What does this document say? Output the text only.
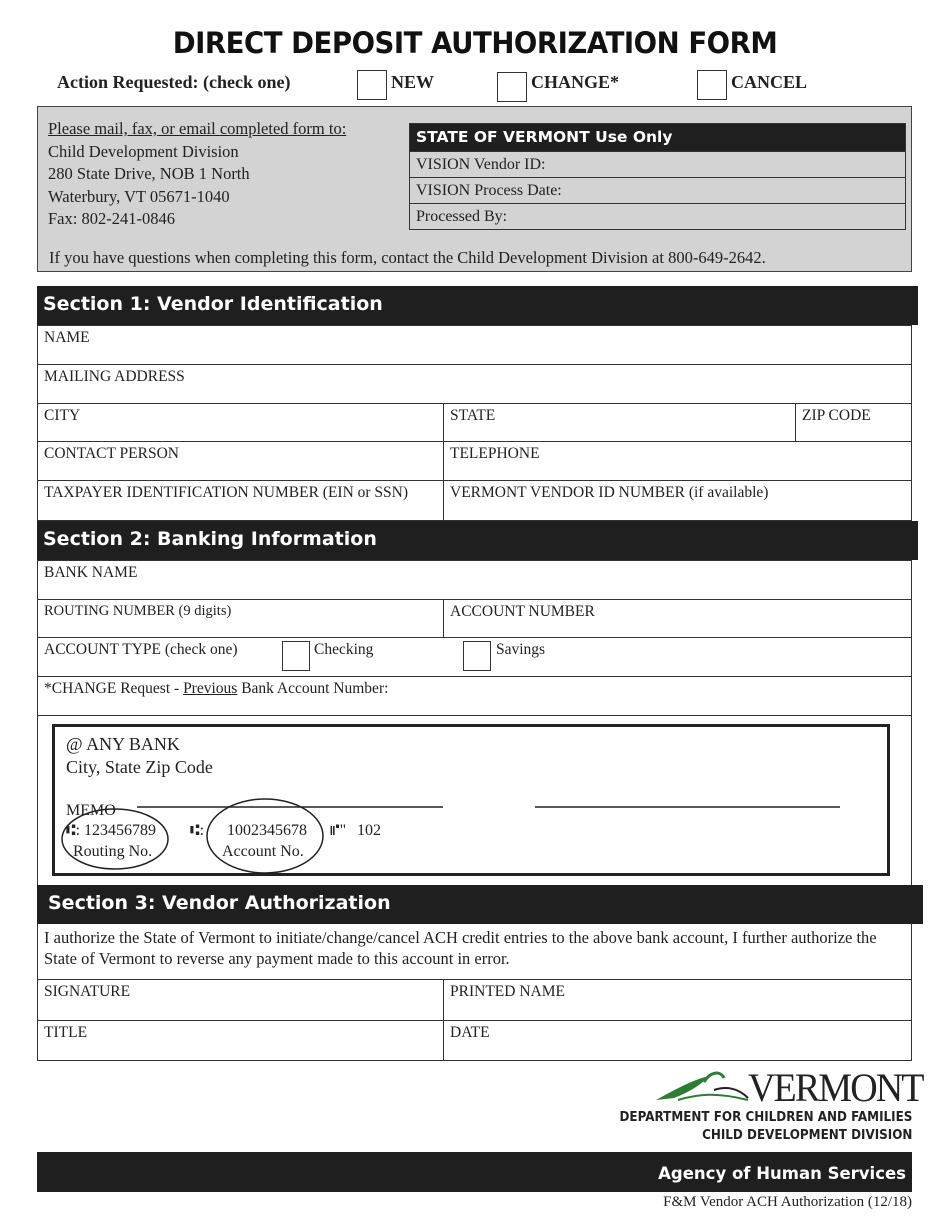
DIRECT DEPOSIT AUTHORIZATION FORM
Action Requested: (check one)	NEW	CHANGE*	CANCEL
Please mail, fax, or email completed form to:
Child Development Division
280 State Drive, NOB 1 North
Waterbury, VT 05671-1040
Fax: 802-241-0846
STATE OF VERMONT Use Only
VISION Vendor ID:
VISION Process Date:
Processed By:
If you have questions when completing this form, contact the Child Development Division at 800-649-2642.
Section 1: Vendor Identification
NAME
MAILING ADDRESS
CITY	STATE	ZIP CODE
CONTACT PERSON	TELEPHONE
TAXPAYER IDENTIFICATION NUMBER (EIN or SSN)	VERMONT VENDOR ID NUMBER (if available)
Section 2: Banking Information
BANK NAME
ROUTING NUMBER (9 digits)	ACCOUNT NUMBER
ACCOUNT TYPE (check one)	Checking	Savings
*CHANGE Request - Previous Bank Account Number:
@ ANY BANK
City, State Zip Code
MEMO
⑆: 123456789 ⑆: 1002345678 ⑈" 102
Routing No.	Account No.
Section 3: Vendor Authorization
I authorize the State of Vermont to initiate/change/cancel ACH credit entries to the above bank account, I further authorize the State of Vermont to reverse any payment made to this account in error.
SIGNATURE	PRINTED NAME
TITLE	DATE
VERMONT
DEPARTMENT FOR CHILDREN AND FAMILIES
CHILD DEVELOPMENT DIVISION
Agency of Human Services
F&M Vendor ACH Authorization (12/18)
